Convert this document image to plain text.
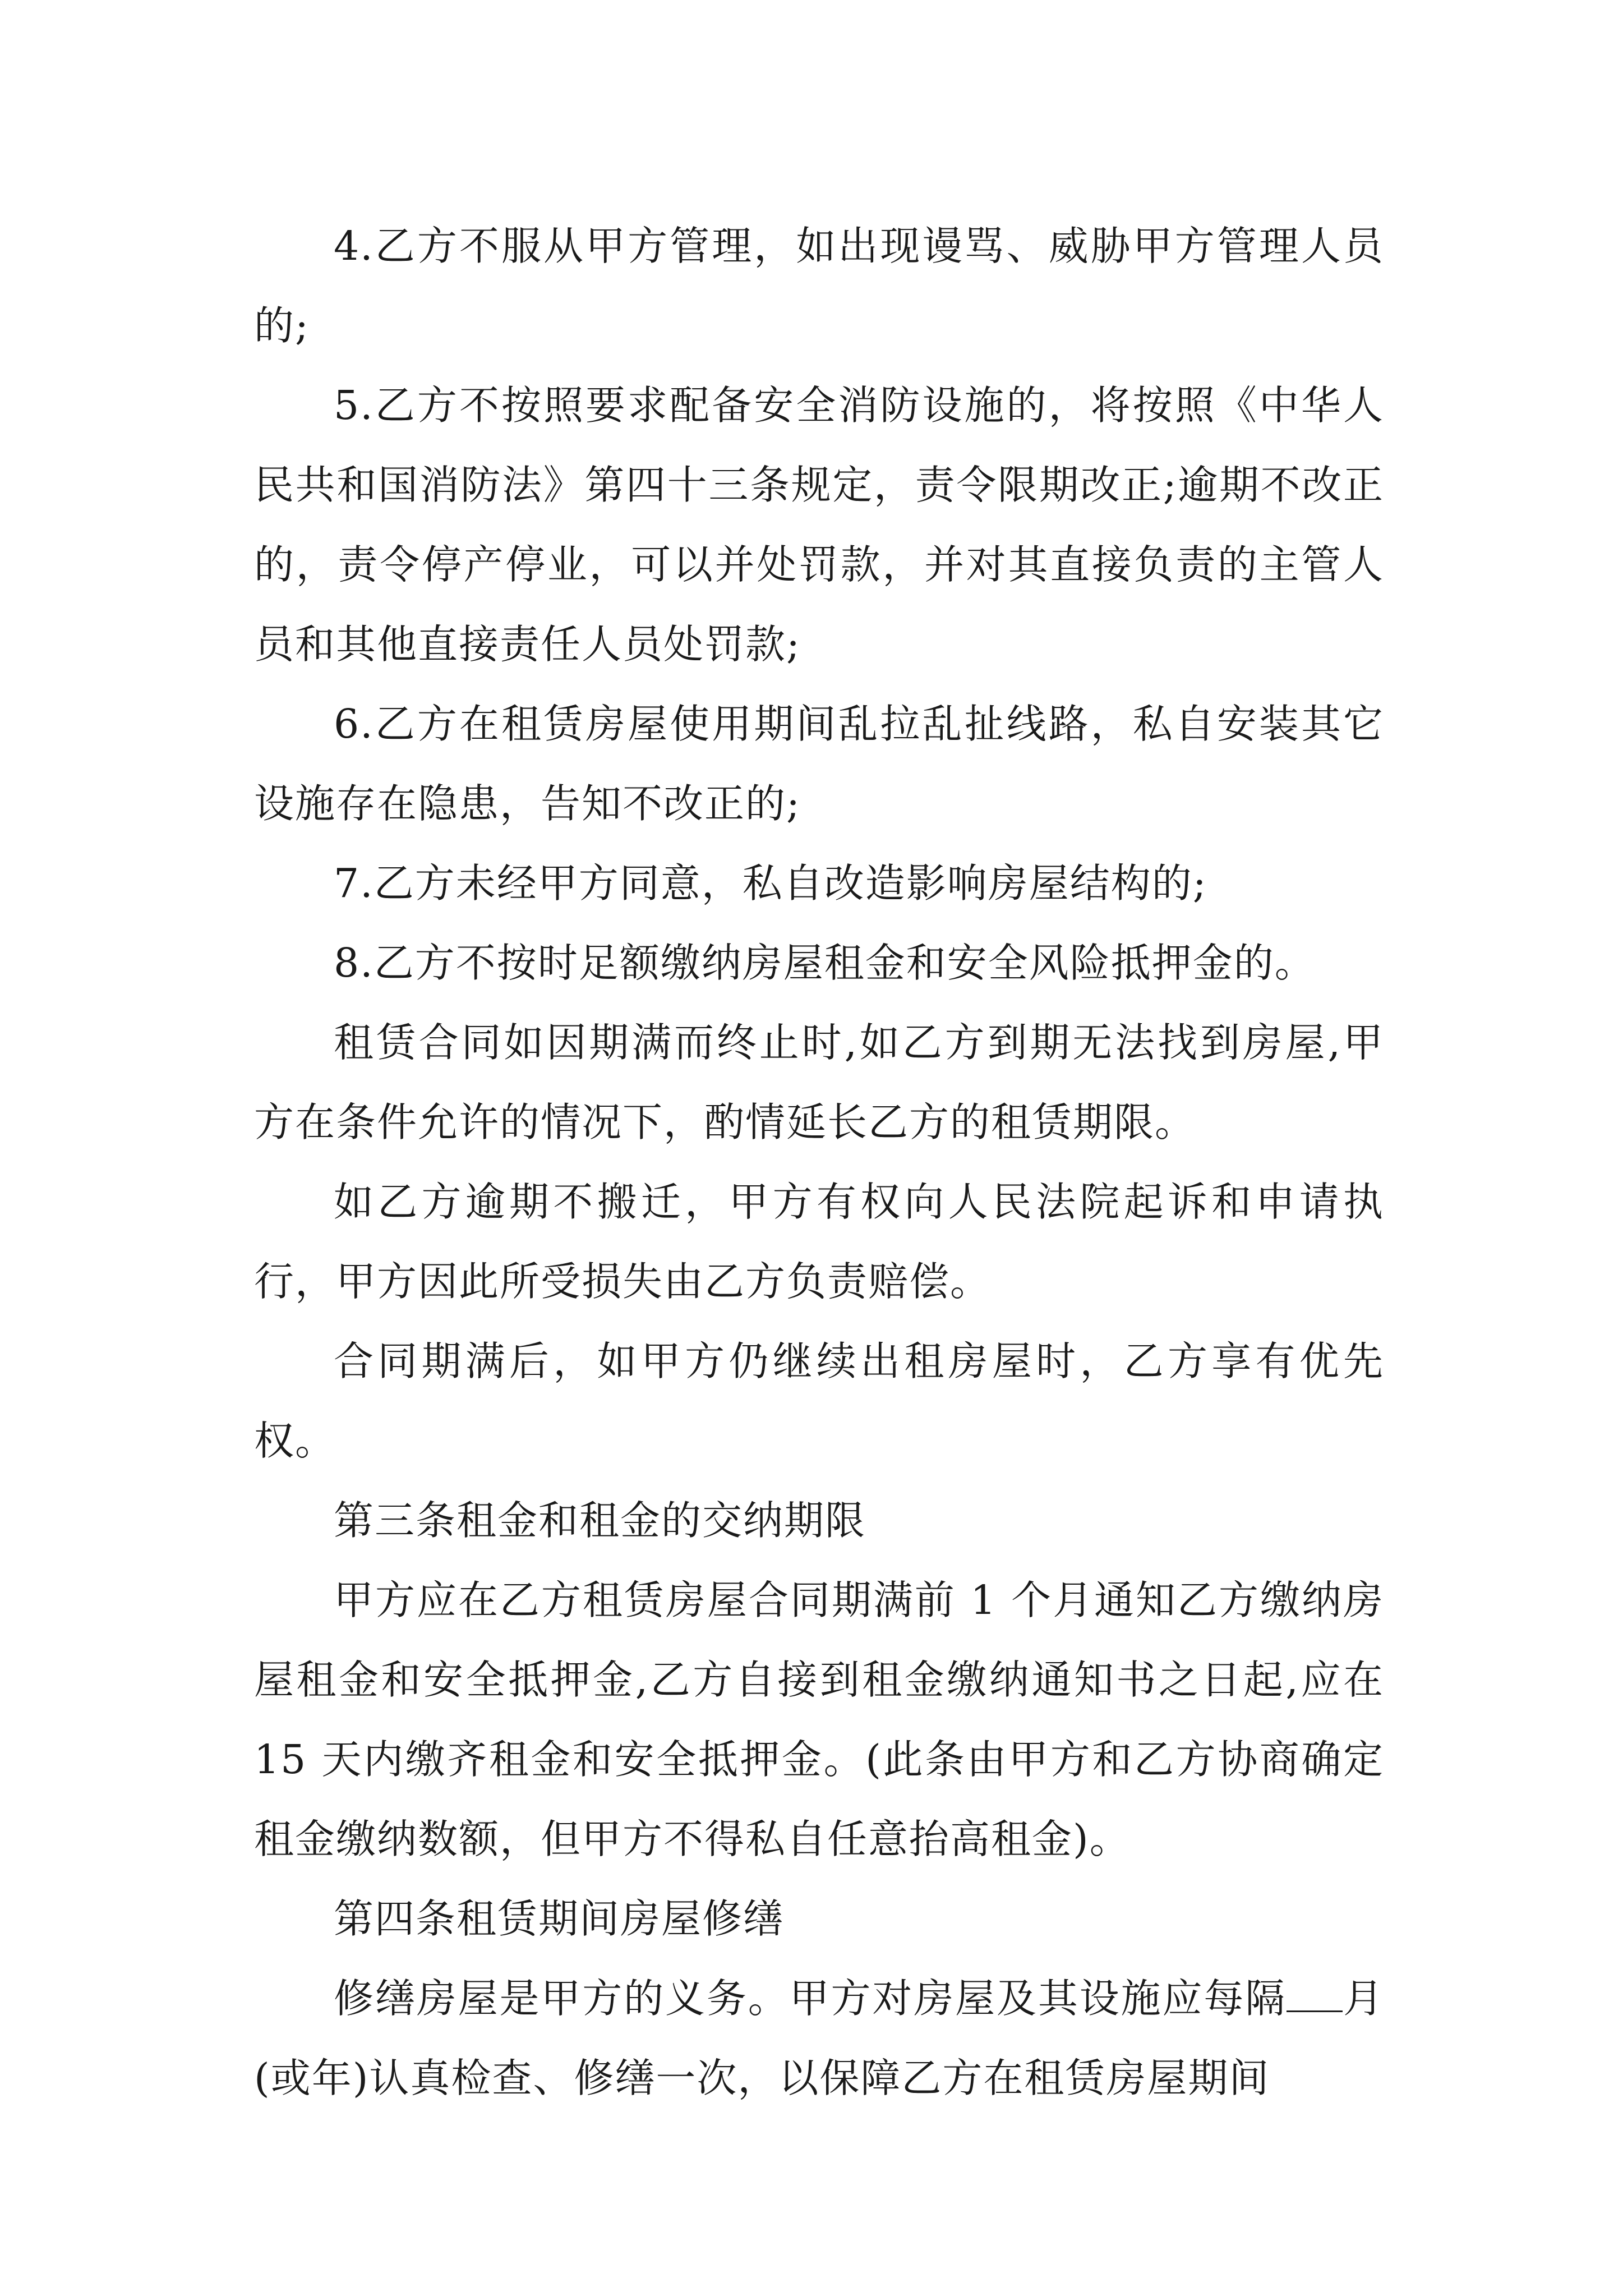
4.乙方不服从甲方管理，如出现谩骂、威胁甲方管理人员的;

5.乙方不按照要求配备安全消防设施的，将按照《中华人民共和国消防法》第四十三条规定，责令限期改正;逾期不改正的，责令停产停业，可以并处罚款，并对其直接负责的主管人员和其他直接责任人员处罚款;

6.乙方在租赁房屋使用期间乱拉乱扯线路，私自安装其它设施存在隐患，告知不改正的;

7.乙方未经甲方同意，私自改造影响房屋结构的;

8.乙方不按时足额缴纳房屋租金和安全风险抵押金的。

租赁合同如因期满而终止时,如乙方到期无法找到房屋,甲方在条件允许的情况下，酌情延长乙方的租赁期限。

如乙方逾期不搬迁，甲方有权向人民法院起诉和申请执行，甲方因此所受损失由乙方负责赔偿。

合同期满后，如甲方仍继续出租房屋时，乙方享有优先权。

第三条租金和租金的交纳期限

甲方应在乙方租赁房屋合同期满前 1 个月通知乙方缴纳房屋租金和安全抵押金,乙方自接到租金缴纳通知书之日起,应在 15 天内缴齐租金和安全抵押金。(此条由甲方和乙方协商确定租金缴纳数额，但甲方不得私自任意抬高租金)。

第四条租赁期间房屋修缮

修缮房屋是甲方的义务。甲方对房屋及其设施应每隔 月(或年)认真检查、修缮一次，以保障乙方在租赁房屋期间
